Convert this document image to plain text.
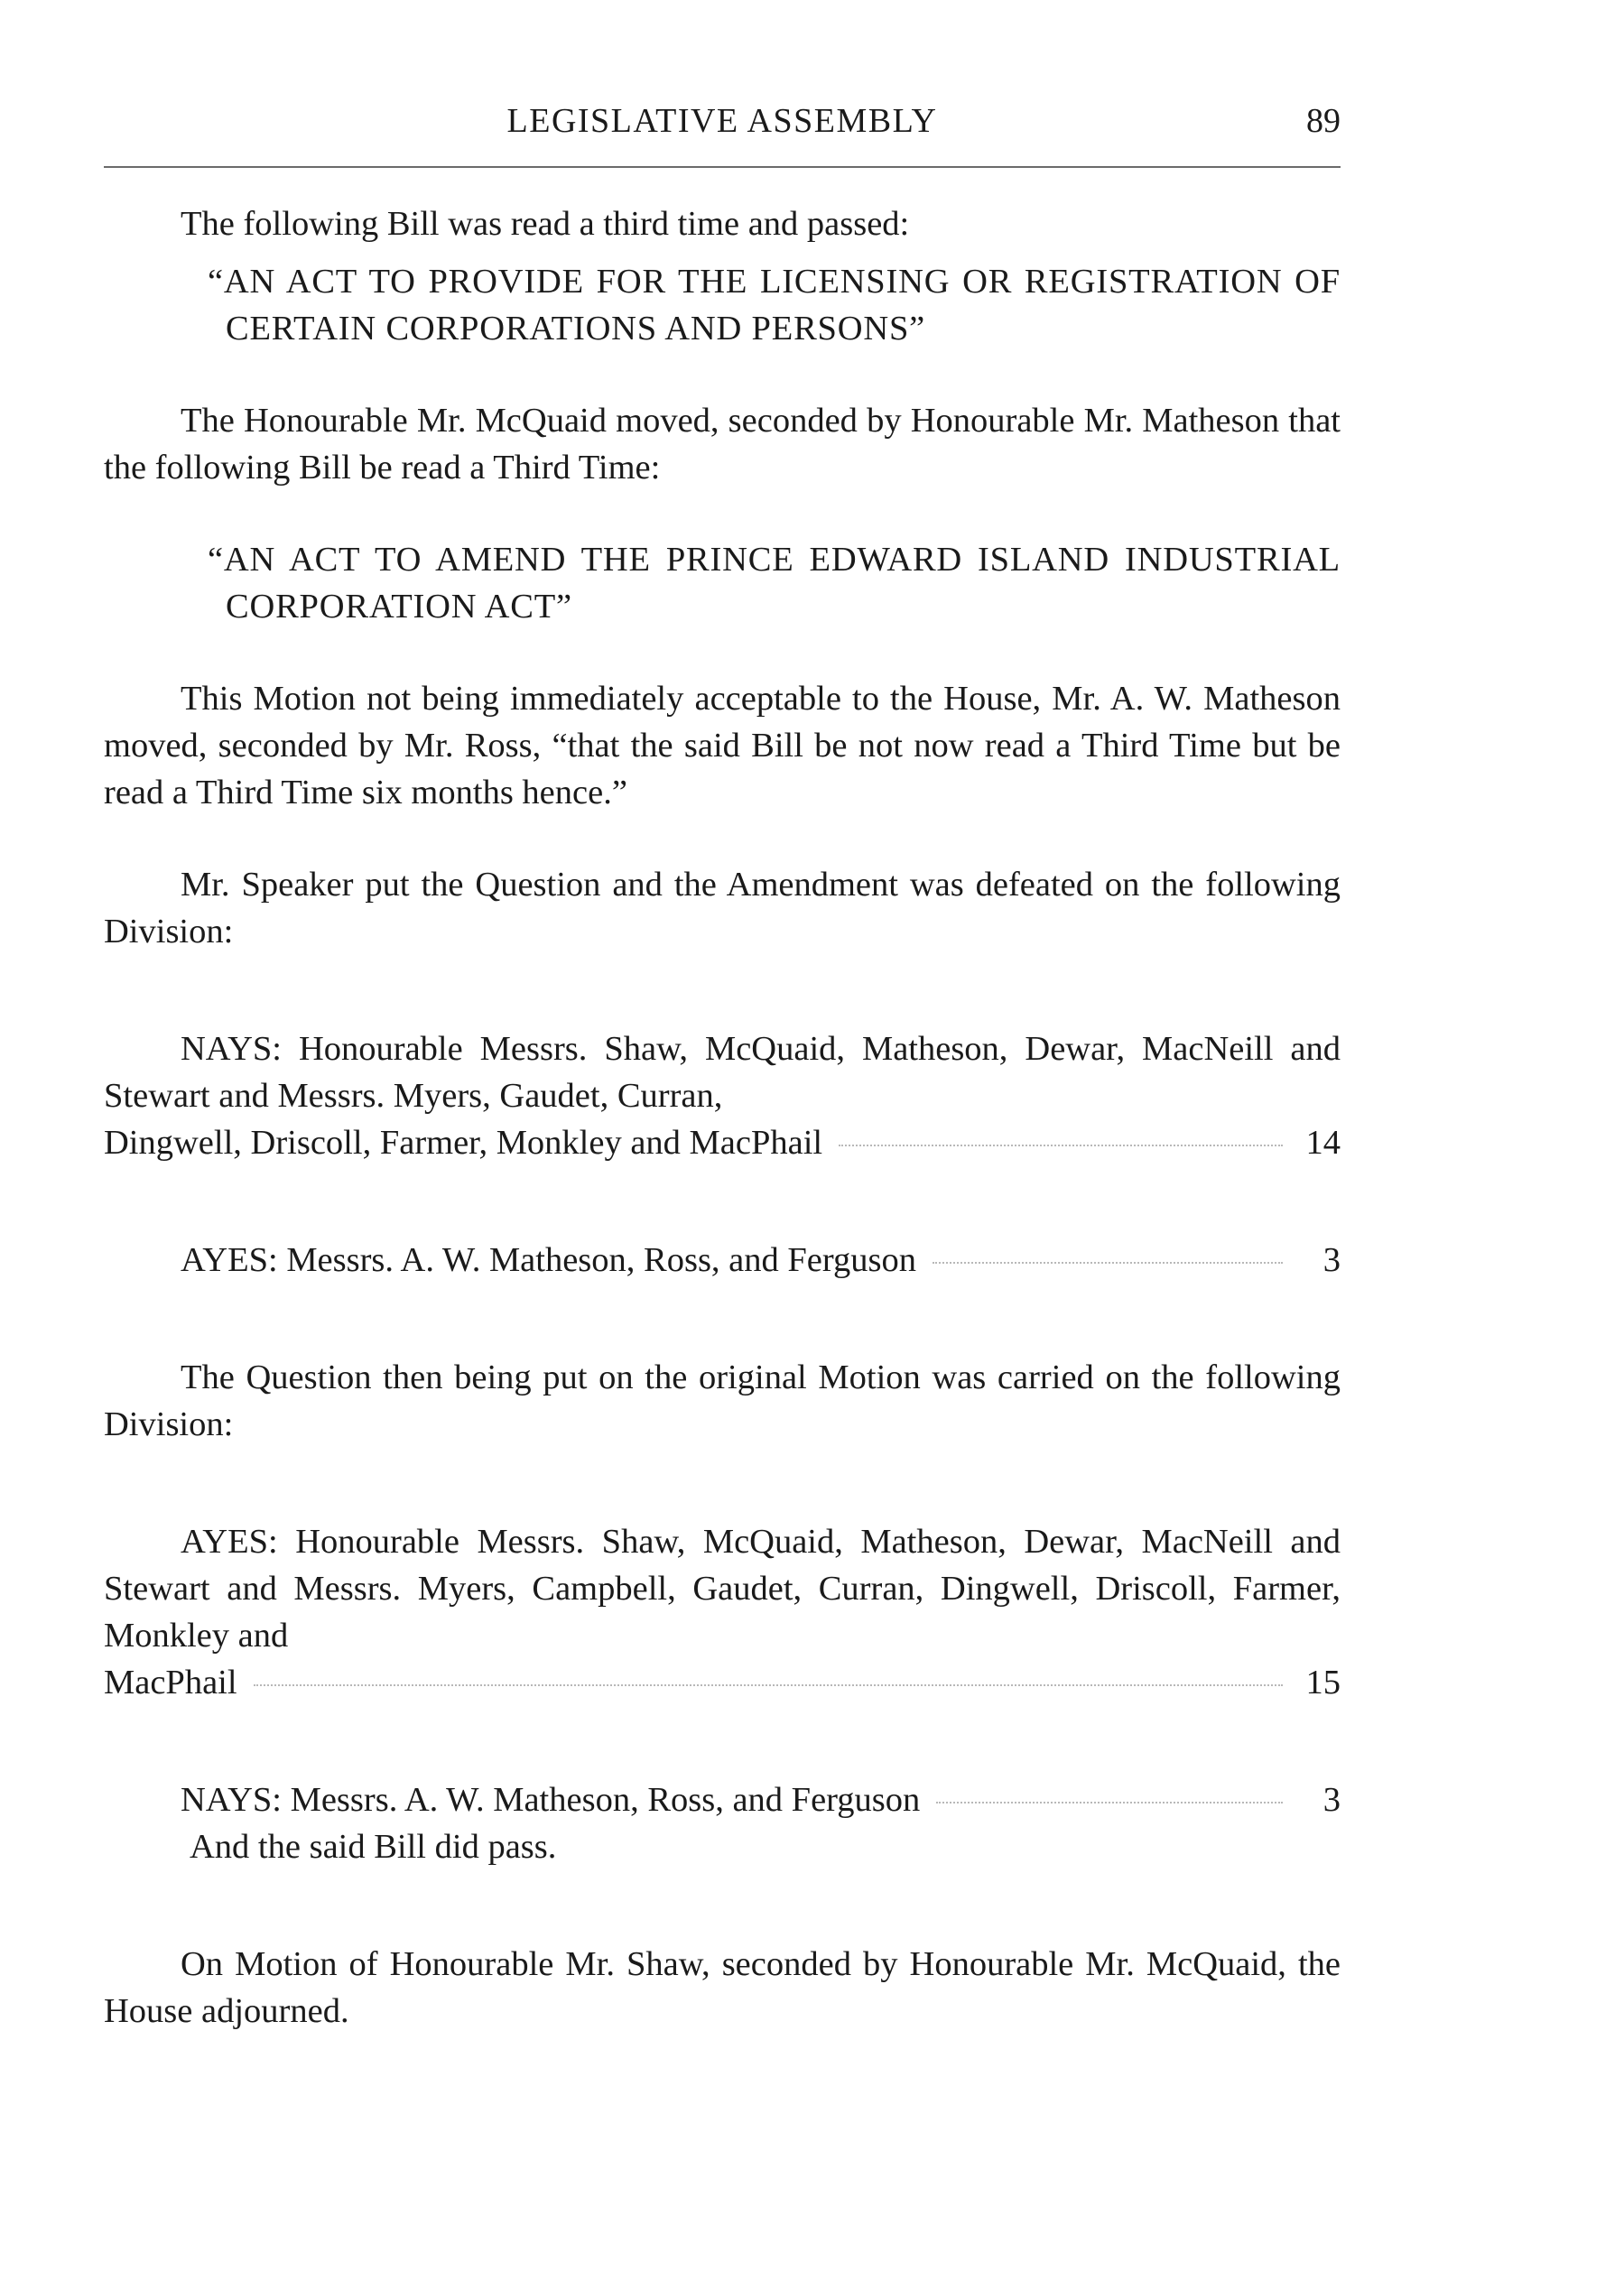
LEGISLATIVE ASSEMBLY	89

The following Bill was read a third time and passed:

“AN ACT TO PROVIDE FOR THE LICENSING OR REGISTRATION OF CERTAIN CORPORATIONS AND PERSONS”

The Honourable Mr. McQuaid moved, seconded by Honourable Mr. Matheson that the following Bill be read a Third Time:

“AN ACT TO AMEND THE PRINCE EDWARD ISLAND INDUSTRIAL CORPORATION ACT”

This Motion not being immediately acceptable to the House, Mr. A. W. Matheson moved, seconded by Mr. Ross, “that the said Bill be not now read a Third Time but be read a Third Time six months hence.”

Mr. Speaker put the Question and the Amendment was defeated on the following Division:

NAYS: Honourable Messrs. Shaw, McQuaid, Matheson, Dewar, MacNeill and Stewart and Messrs. Myers, Gaudet, Curran,

Dingwell, Driscoll, Farmer, Monkley and MacPhail	14
AYES: Messrs. A. W. Matheson, Ross, and Ferguson	3

The Question then being put on the original Motion was carried on the following Division:

AYES: Honourable Messrs. Shaw, McQuaid, Matheson, Dewar, MacNeill and Stewart and Messrs. Myers, Campbell, Gaudet, Curran, Dingwell, Driscoll, Farmer, Monkley and

MacPhail	15
NAYS: Messrs. A. W. Matheson, Ross, and Ferguson	3

And the said Bill did pass.

On Motion of Honourable Mr. Shaw, seconded by Honourable Mr. McQuaid, the House adjourned.
